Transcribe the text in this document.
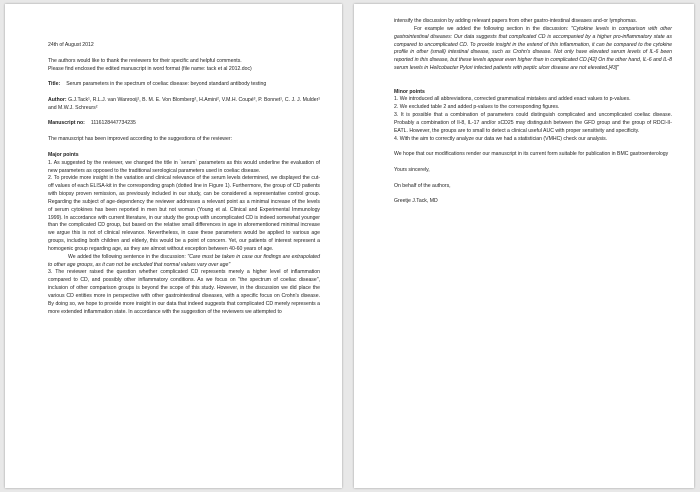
24th of August 2012

The authors would like to thank the reviewers for their specific and helpful comments.

Please find enclosed the edited manuscript in word format (file name: tack et al 2012.doc)

Title: Serum parameters in the spectrum of coeliac disease: beyond standard antibody testing

Author: G.J.Tack¹, R.L.J. van Wanrooij¹, B. M. E. Von Blomberg², H.Amini², V.M.H. Coupé³, P. Bonnet¹, C. J. J. Mulder¹ and M.W.J. Schreurs²

Manuscript no: 1116128447734235

The manuscript has been improved according to the suggestions of the reviewer:

Major points

1. As suggested by the reviewer, we changed the title in `serum` parameters as this would underline the evaluation of new parameters as opposed to the traditional serological parameters used in coeliac disease.

2. To provide more insight in the variation and clinical relevance of the serum levels determined, we displayed the cut-off values of each ELISA-kit in the corresponding graph (dotted line in Figure 1). Furthermore, the group of CD patients with biopsy proven remission, as previously included in our study, can be considered a representative control group. Regarding the subject of age-dependency the reviewer addresses a relevant point as a minimal increase of the levels of serum cytokines has been reported in men but not woman (Young et al. Clinical and Experimental Immunology 1999). In accordance with current literature, in our study the group with uncomplicated CD is indeed somewhat younger than the complicated CD group, but based on the relative small differences in age in aforementioned minimal increase we argue this is not of clinical relevance. Nevertheless, in case these parameters would be applied to various age groups, including both children and elderly, this would be a point of concern. Yet, our patients of interest represent a homogenic group regarding age, as they are almost without exception between 40-60 years of age.

We added the following sentence in the discussion: "Care must be taken in case our findings are extrapolated to other age groups, as it can not be excluded that normal values vary over age"

3. The reviewer raised the question whether complicated CD represents merely a higher level of inflammation compared to CD, and possibly other inflammatory conditions. As we focus on "the spectrum of coeliac disease", inclusion of other comparison groups is beyond the scope of this study. However, in the discussion we did place the various CD entities more in perspective with other gastrointestinal diseases, with a specific focus on Crohn's disease. By doing so, we hope to provide more insight in our data that indeed suggests that complicated CD merely represents a more extended inflammation state. In accordance with the suggestion of the reviewers we attempted to

intensify the discussion by adding relevant papers from other gastro-intestinal diseases and-or lymphomas.

For example we added the following section in the discussion: "Cytokine levels in comparison with other gastrointestinal diseases: Our data suggests that complicated CD is accompanied by a higher pro-inflammatory state as compared to uncomplicated CD. To provide insight in the extend of this inflammation, it can be compared to the cytokine profile in other (small) intestinal disease, such as Crohn's disease. Not only have elevated serum levels of IL-6 been reported in this disease, but these levels appear even higher than in complicated CD.[42] On the other hand, IL-6 and IL-8 serum levels in Helicobacter Pylori infected patients with peptic ulcer disease are not elevated.[43]"

Minor points

1. We introduced all abbreviations, corrected grammatical mistakes and added exact values to p-values.

2. We excluded table 2 and added p-values to the corresponding figures.

3. It is possible that a combination of parameters could distinguish complicated and uncomplicated coeliac disease. Probably a combination of Il-8, IL-17 and/or sCD25 may distinguish between the GFD group and the group of RDCI-II-EATL. However, the groups are to small to detect a clinical useful AUC with proper sensitivity and specificity.

4. With the aim to correctly analyze our data we had a statistician (VMHC) check our analysis.

We hope that our modifications render our manuscript in its current form suitable for publication in BMC gastroenterology

Yours sincerely,

On behalf of the authors,

Greetje J.Tack, MD
